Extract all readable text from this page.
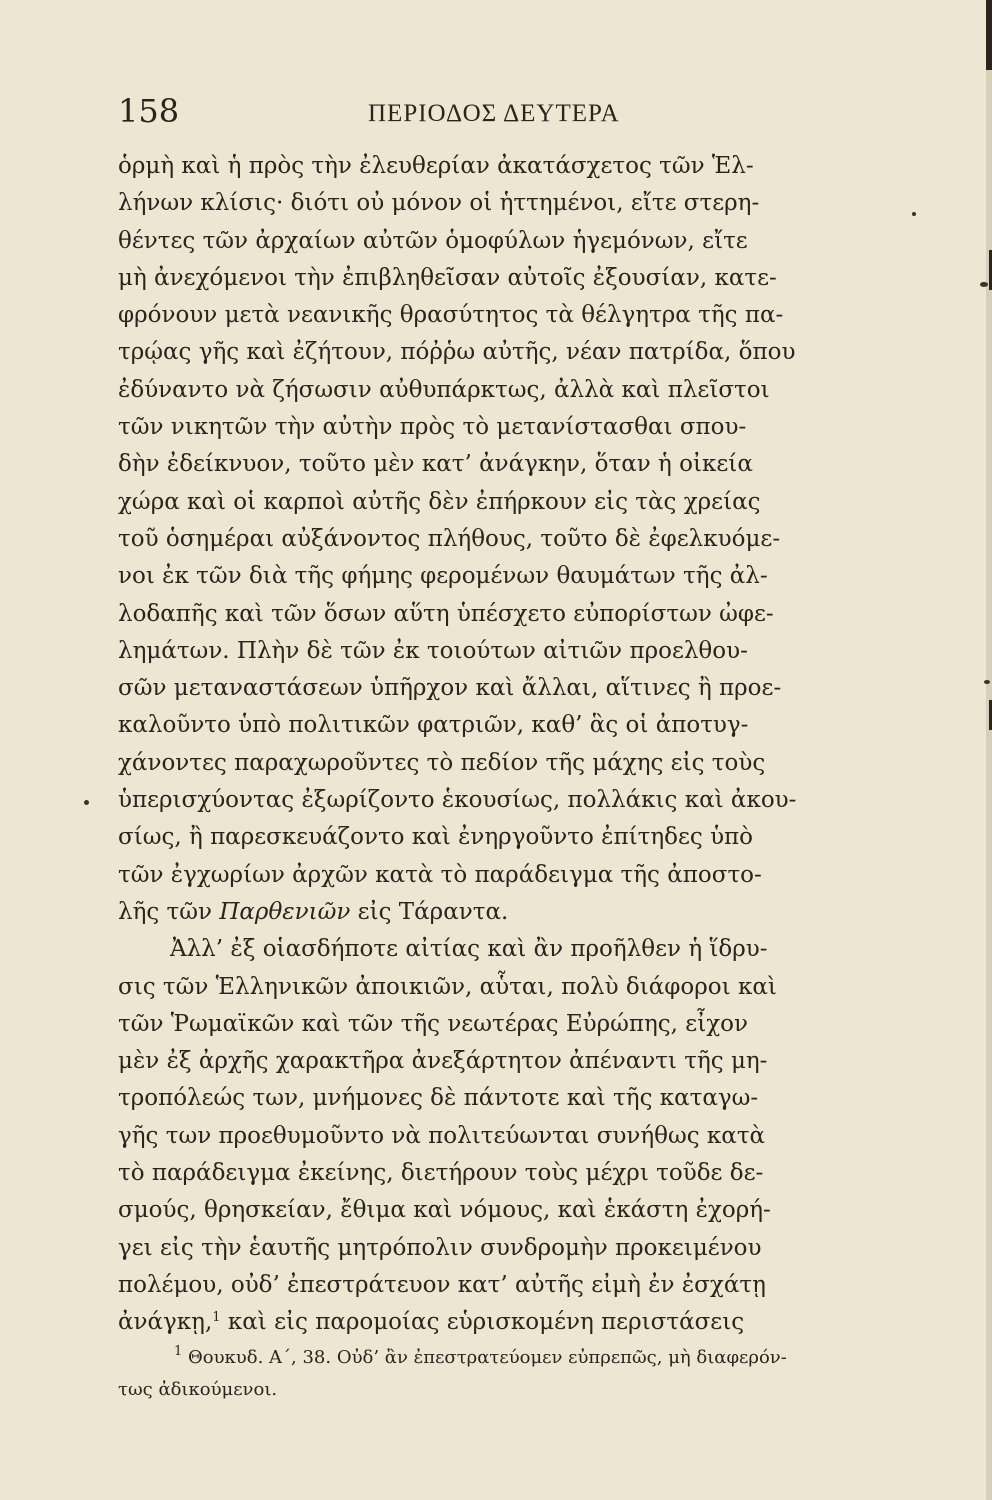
158	ΠΕΡΙΟΔΟΣ ΔΕΥΤΕΡΑ
ὁρμὴ καὶ ἡ πρὸς τὴν ἐλευθερίαν ἀκατάσχετος τῶν Ἑλ-
λήνων κλίσις· διότι οὐ μόνον οἱ ἡττημένοι, εἴτε στερη-
θέντες τῶν ἀρχαίων αὐτῶν ὁμοφύλων ἡγεμόνων, εἴτε
μὴ ἀνεχόμενοι τὴν ἐπιβληθεῖσαν αὐτοῖς ἐξουσίαν, κατε-
φρόνουν μετὰ νεανικῆς θρασύτητος τὰ θέλγητρα τῆς πα-
τρῴας γῆς καὶ ἐζήτουν, πόῤῥω αὐτῆς, νέαν πατρίδα, ὅπου
ἐδύναντο νὰ ζήσωσιν αὐθυπάρκτως, ἀλλὰ καὶ πλεῖστοι
τῶν νικητῶν τὴν αὐτὴν πρὸς τὸ μετανίστασθαι σπου-
δὴν ἐδείκνυον, τοῦτο μὲν κατ’ ἀνάγκην, ὅταν ἡ οἰκεία
χώρα καὶ οἱ καρποὶ αὐτῆς δὲν ἐπήρκουν εἰς τὰς χρείας
τοῦ ὁσημέραι αὐξάνοντος πλήθους, τοῦτο δὲ ἐφελκυόμε-
νοι ἐκ τῶν διὰ τῆς φήμης φερομένων θαυμάτων τῆς ἀλ-
λοδαπῆς καὶ τῶν ὅσων αὕτη ὑπέσχετο εὐπορίστων ὠφε-
λημάτων. Πλὴν δὲ τῶν ἐκ τοιούτων αἰτιῶν προελθου-
σῶν μεταναστάσεων ὑπῆρχον καὶ ἄλλαι, αἵτινες ἢ προε-
καλοῦντο ὑπὸ πολιτικῶν φατριῶν, καθ’ ἃς οἱ ἀποτυγ-
χάνοντες παραχωροῦντες τὸ πεδίον τῆς μάχης εἰς τοὺς
ὑπερισχύοντας ἐξωρίζοντο ἑκουσίως, πολλάκις καὶ ἀκου-
σίως, ἢ παρεσκευάζοντο καὶ ἐνηργοῦντο ἐπίτηδες ὑπὸ
τῶν ἐγχωρίων ἀρχῶν κατὰ τὸ παράδειγμα τῆς ἀποστο-
λῆς τῶν Παρθενιῶν εἰς Τάραντα.
Ἀλλ’ ἐξ οἱασδήποτε αἰτίας καὶ ἂν προῆλθεν ἡ ἵδρυ-
σις τῶν Ἑλληνικῶν ἀποικιῶν, αὗται, πολὺ διάφοροι καὶ
τῶν Ῥωμαϊκῶν καὶ τῶν τῆς νεωτέρας Εὐρώπης, εἶχον
μὲν ἐξ ἀρχῆς χαρακτῆρα ἀνεξάρτητον ἀπέναντι τῆς μη-
τροπόλεώς των, μνήμονες δὲ πάντοτε καὶ τῆς καταγω-
γῆς των προεθυμοῦντο νὰ πολιτεύωνται συνήθως κατὰ
τὸ παράδειγμα ἐκείνης, διετήρουν τοὺς μέχρι τοῦδε δε-
σμούς, θρησκείαν, ἔθιμα καὶ νόμους, καὶ ἑκάστη ἐχορή-
γει εἰς τὴν ἑαυτῆς μητρόπολιν συνδρομὴν προκειμένου
πολέμου, οὐδ’ ἐπεστράτευον κατ’ αὐτῆς εἰμὴ ἐν ἐσχάτῃ
ἀνάγκῃ,$^1$ καὶ εἰς παρομοίας εὑρισκομένη περιστάσεις
$^1$ Θουκυδ. Α΄, 38. Οὐδ’ ἂν ἐπεστρατεύομεν εὐπρεπῶς, μὴ διαφερόν-
τως ἀδικούμενοι.
